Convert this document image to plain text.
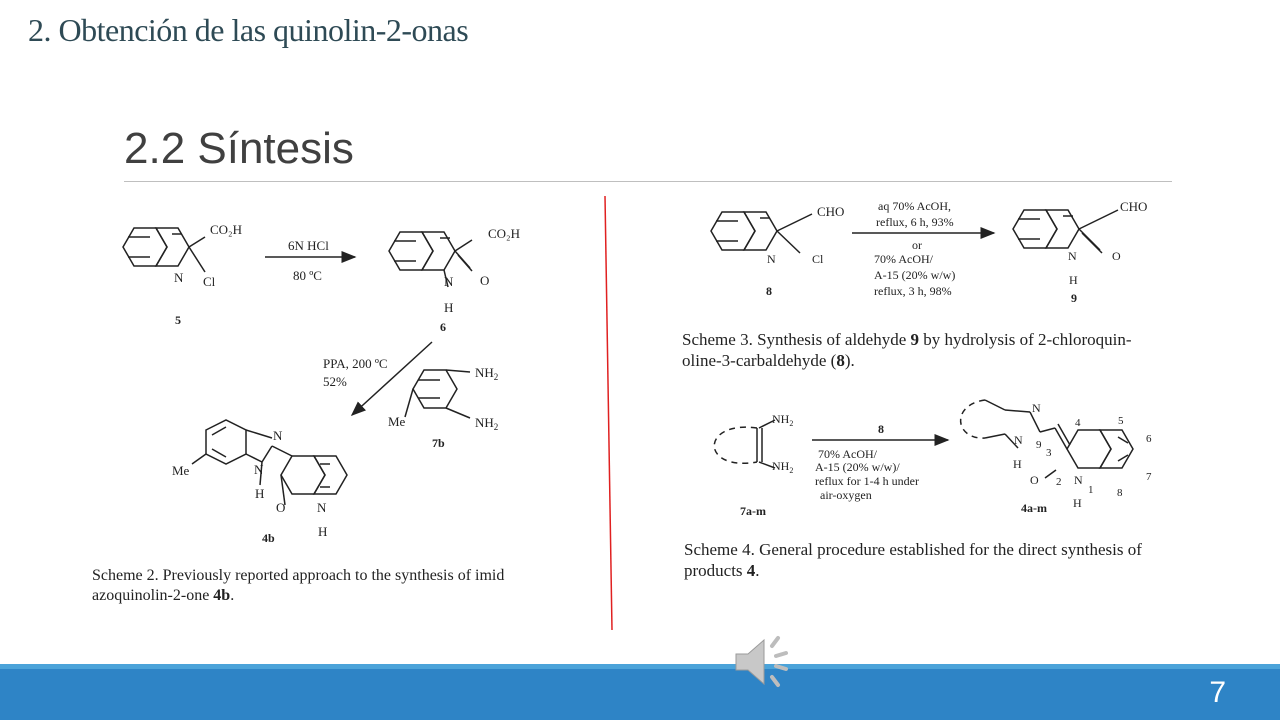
2. Obtención de las quinolin-2-onas
2.2 Síntesis
CO₂H
N Cl
5
6N HCl
80 ºC
CO₂H
O
N
H
6
PPA, 200 ºC
52%
$NH_2$
$NH_2$
Me
7b
N
N
H
Me
O N
H
4b
CHO
N	Cl
8
aq 70% AcOH,
reflux, 6 h, 93%
or
70% AcOH/
A-15 (20% w/w)
reflux, 3 h, 98%
CHO
O
N
H
9
$NH_2$
$NH_2$
7a-m
8
70% AcOH/
A-15 (20% w/w)/
reflux for 1-4 h under
air-oxygen
N
N
H
9
3
4	5
6
7
8
O 2 N
1
H
4a-m
Scheme 2. Previously reported approach to the synthesis of imid
azoquinolin-2-one 4b.
Scheme 3. Synthesis of aldehyde 9 by hydrolysis of 2-chloroquin-
oline-3-carbaldehyde (8).
Scheme 4. General procedure established for the direct synthesis of
products 4.
7
